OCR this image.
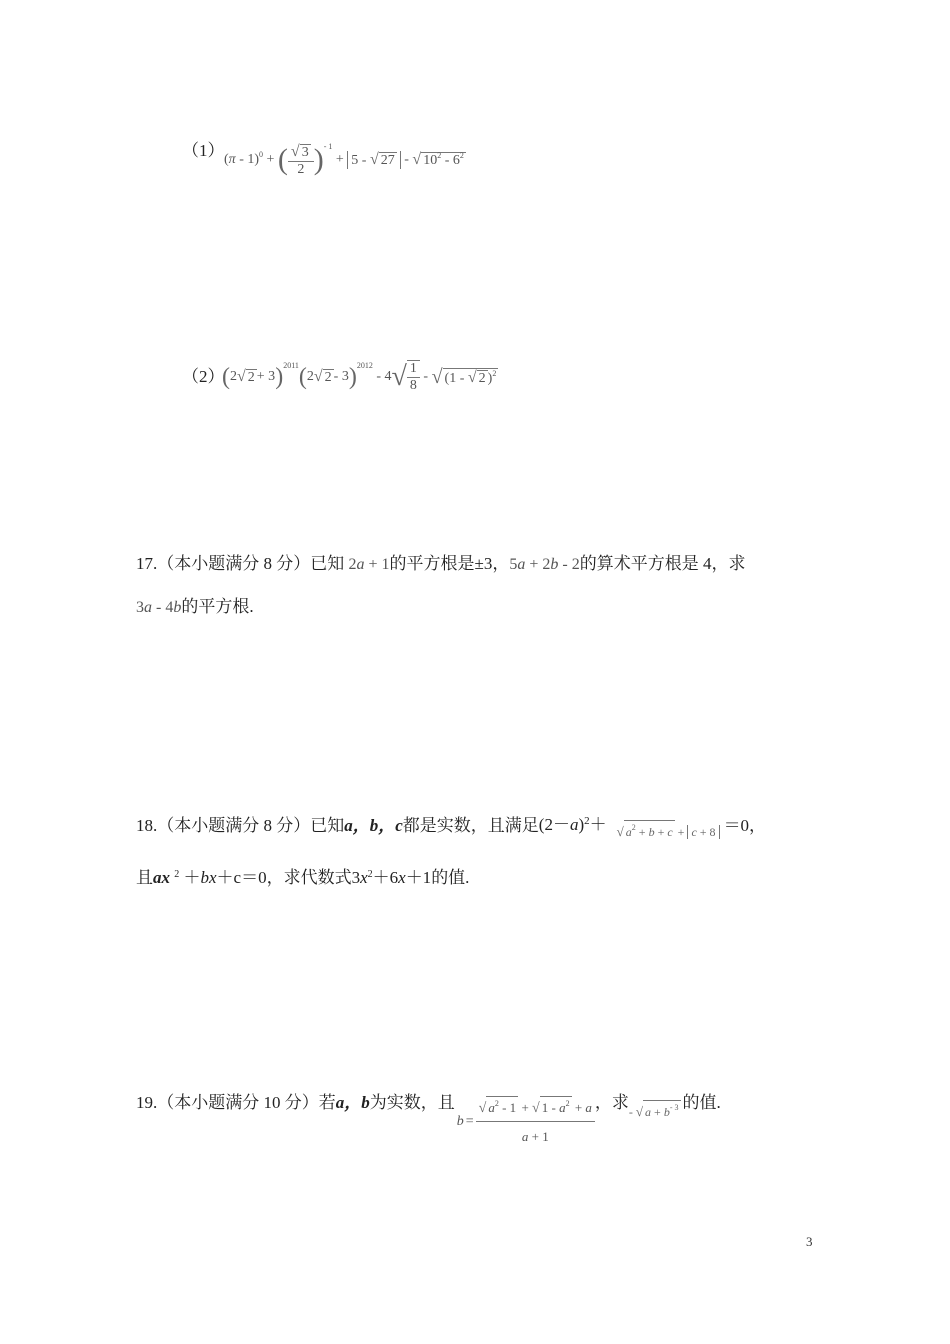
（1） (π - 1)$^0$ + ( $\frac{√ 3}{2}$ ) - 1
+ 5 - √ 27 - √ $10^2 - 6^2$
（2）
( 2 √ 2 + 3 ) 2011 ( 2 √ 2 - 3 ) 2012
- 4 √ $\frac{1}{8}$ - √ (1 - √ 2 )$^2$
17.（本小题满分 8 分）已知 2a + 1的平方根是±3，5a + 2b - 2的算术平方根是 4，求
3a - 4b的平方根.
18. （本小题满分 8 分） 已知 a，b，c 都是实数，且满足 $(2-a)^2+$ √ $a^2 + b + c + c + 8 =0$，
且ax $^2$ ＋bx＋c＝0，求代数式$3x^2+6x+1$的值.
19. （本小题满分 10 分） 若 a，b 为实数，且
$b = \frac{√ a^2 - 1 + √ 1 - a^2 + a}{a + 1}$ ，求 - √ $a + b^{- 3}$ 的值.
3
